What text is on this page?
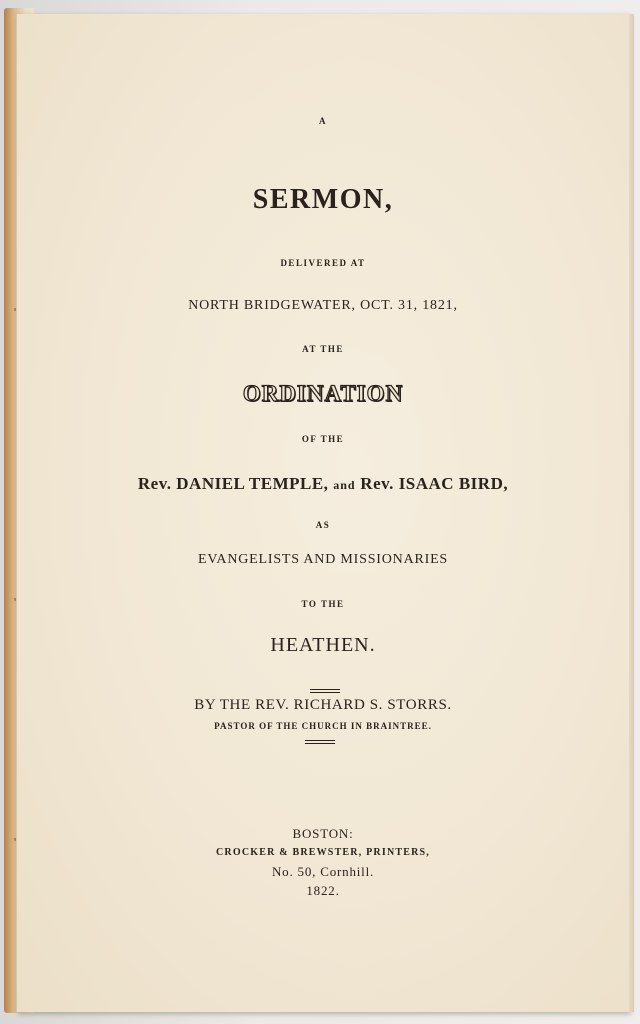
A
SERMON,
DELIVERED AT
NORTH BRIDGEWATER, OCT. 31, 1821,
AT THE
ORDINATION
OF THE
Rev. DANIEL TEMPLE, and Rev. ISAAC BIRD,
AS
EVANGELISTS AND MISSIONARIES
TO THE
HEATHEN.
BY THE REV. RICHARD S. STORRS.
PASTOR OF THE CHURCH IN BRAINTREE.
BOSTON:
CROCKER & BREWSTER, PRINTERS,
No. 50, Cornhill.
1822.
